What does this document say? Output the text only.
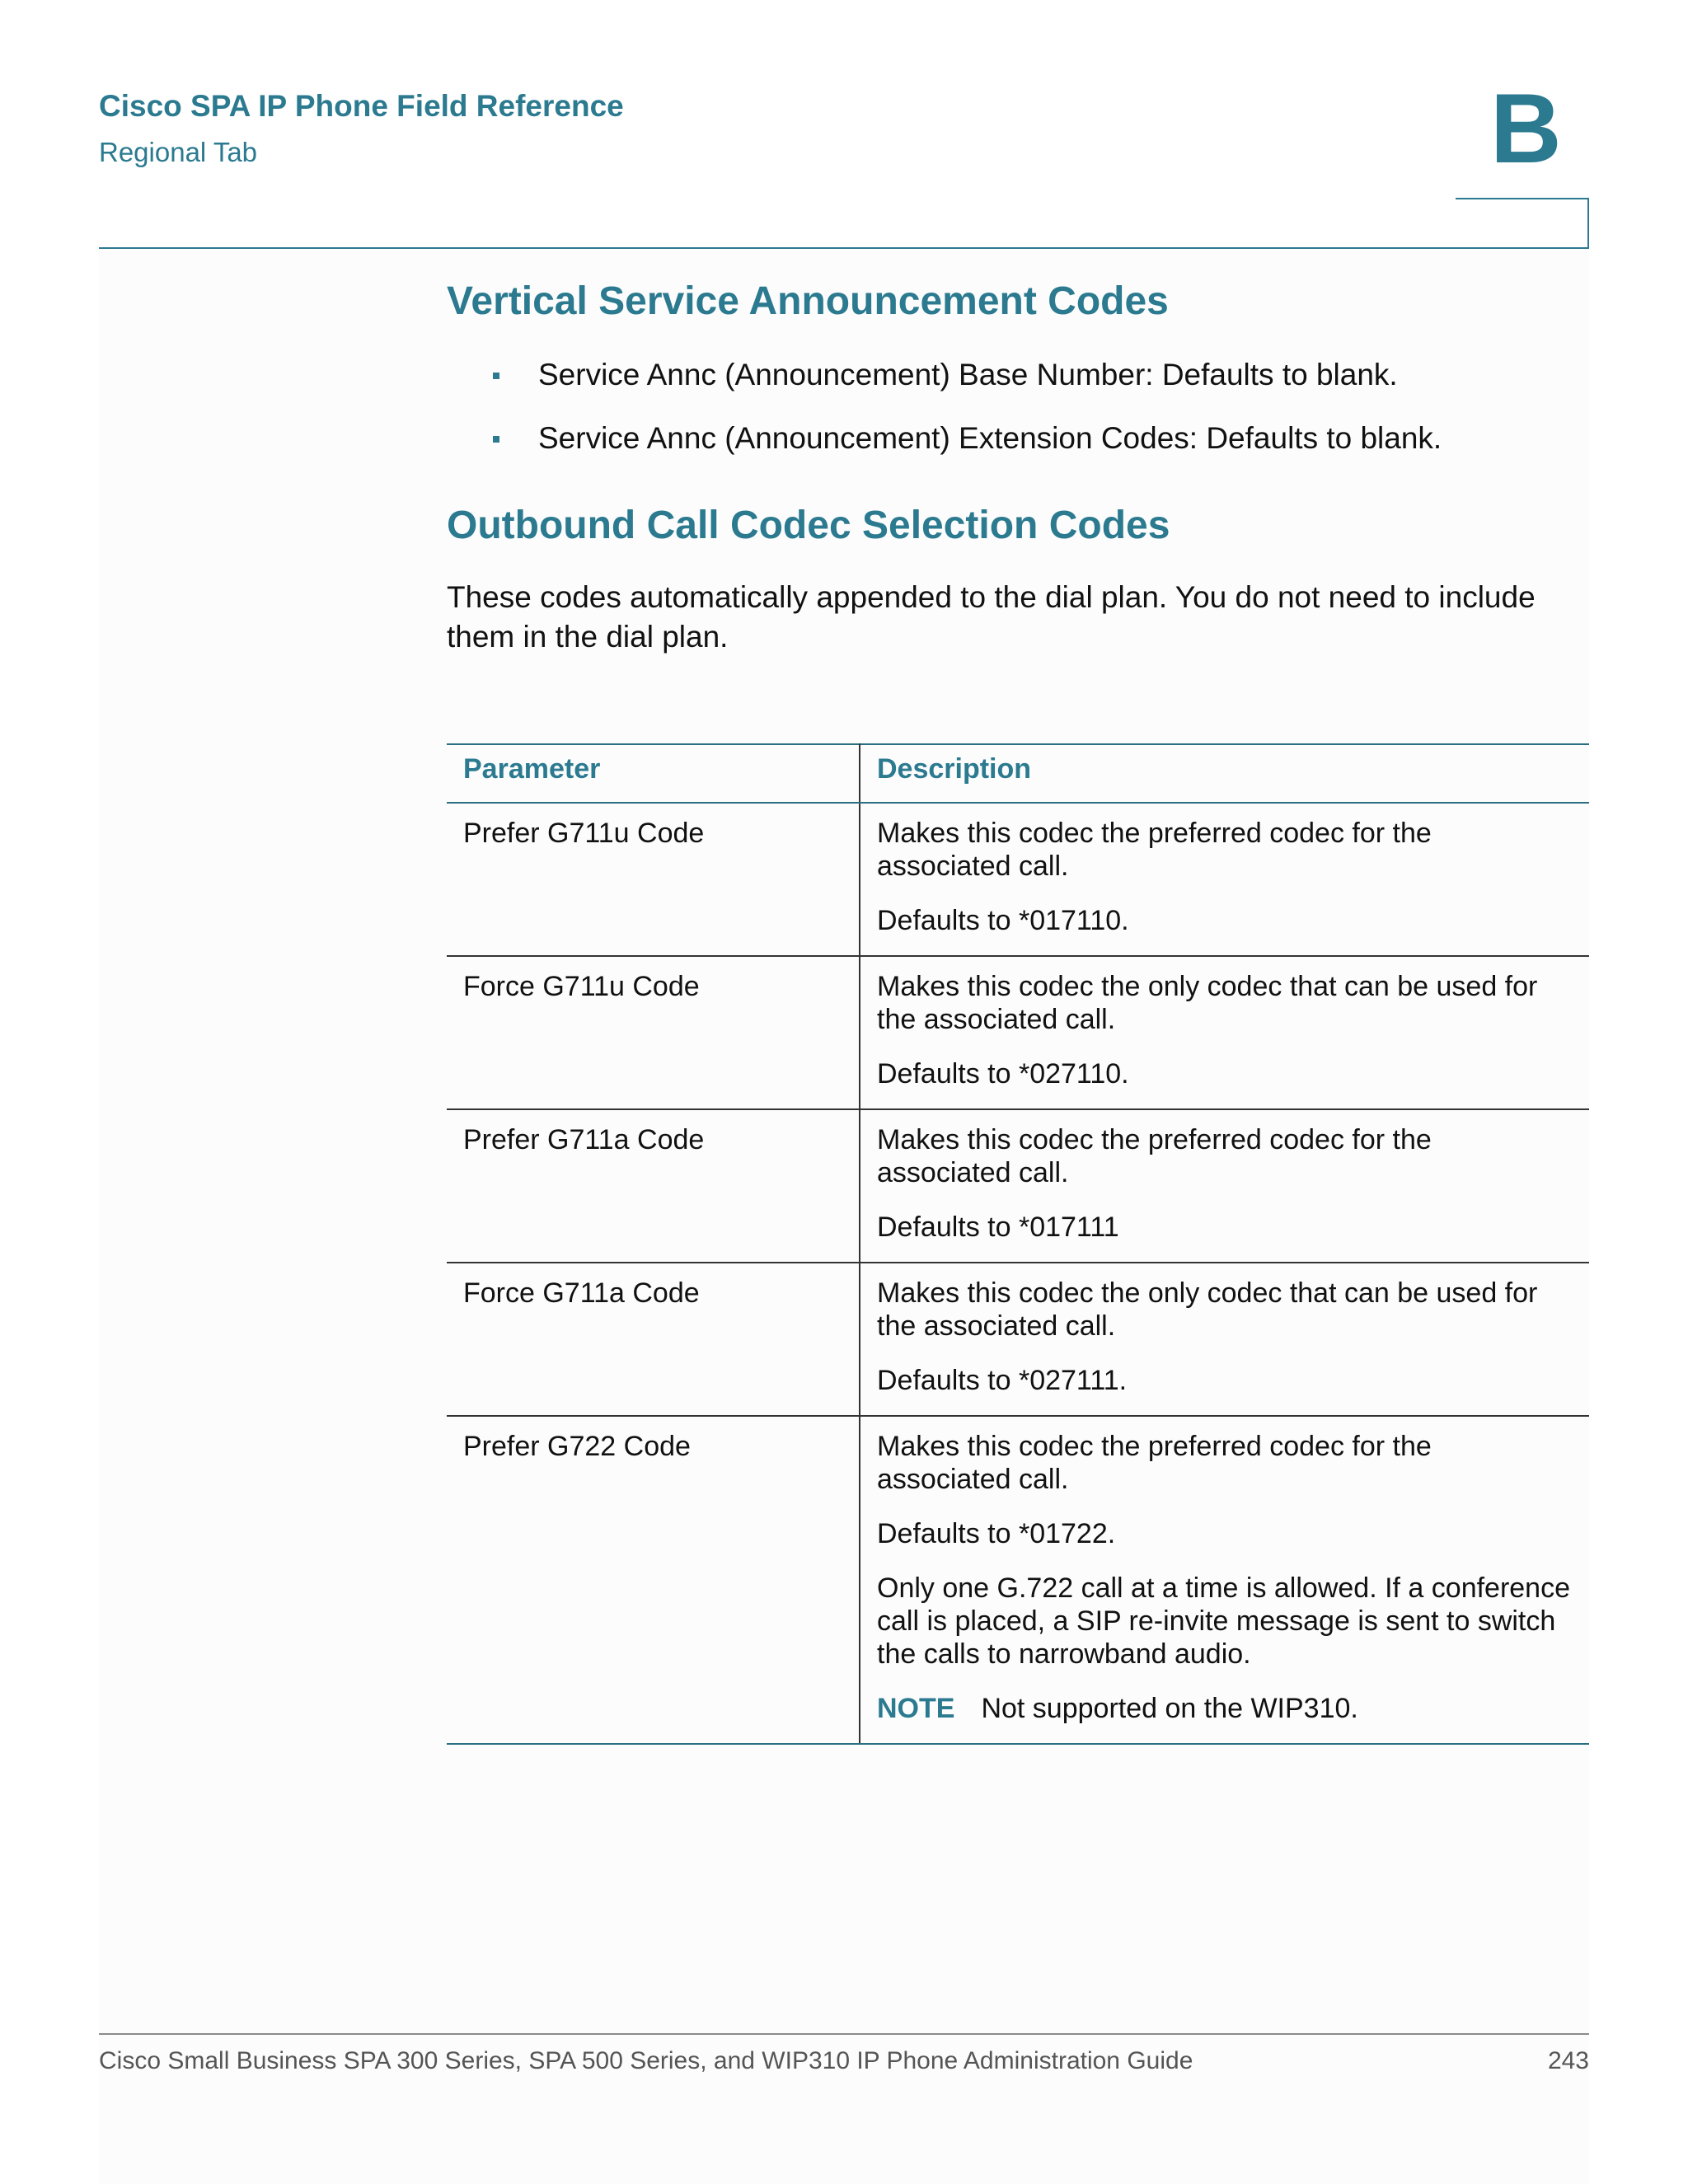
Cisco SPA IP Phone Field Reference
Regional Tab	B
Vertical Service Announcement Codes
Service Annc (Announcement) Base Number: Defaults to blank.
Service Annc (Announcement) Extension Codes: Defaults to blank.
Outbound Call Codec Selection Codes

These codes automatically appended to the dial plan. You do not need to include them in the dial plan.

Parameter	Description
Prefer G711u Code	Makes this codec the preferred codec for the associated call.

Defaults to *017110.

Force G711u Code	Makes this codec the only codec that can be used for the associated call.

Defaults to *027110.

Prefer G711a Code	Makes this codec the preferred codec for the associated call.

Defaults to *017111

Force G711a Code	Makes this codec the only codec that can be used for the associated call.

Defaults to *027111.

Prefer G722 Code	Makes this codec the preferred codec for the associated call.

Defaults to *01722.

Only one G.722 call at a time is allowed. If a conference call is placed, a SIP re-invite message is sent to switch the calls to narrowband audio.

NOTE Not supported on the WIP310.

Cisco Small Business SPA 300 Series, SPA 500 Series, and WIP310 IP Phone Administration Guide	243
